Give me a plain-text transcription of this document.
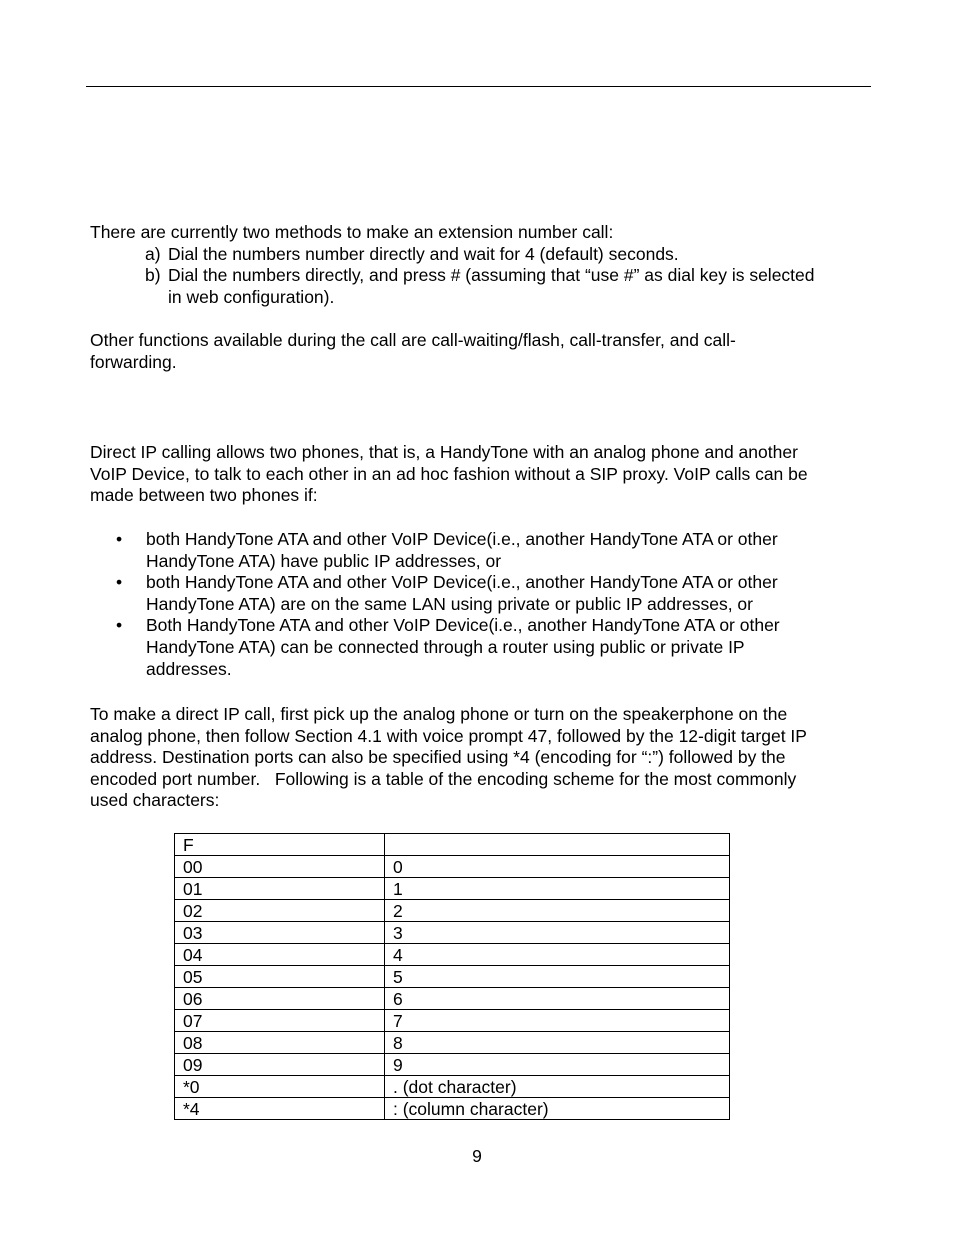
There are currently two methods to make an extension number call:

a) Dial the numbers number directly and wait for 4 (default) seconds.
b) Dial the numbers directly, and press # (assuming that “use #” as dial key is selected
in web configuration).
Other functions available during the call are call-waiting/flash, call-transfer, and call-
forwarding.
Direct IP calling allows two phones, that is, a HandyTone with an analog phone and another
VoIP Device, to talk to each other in an ad hoc fashion without a SIP proxy. VoIP calls can be
made between two phones if:
• both HandyTone ATA and other VoIP Device(i.e., another HandyTone ATA or other
HandyTone ATA) have public IP addresses, or
• both HandyTone ATA and other VoIP Device(i.e., another HandyTone ATA or other
HandyTone ATA) are on the same LAN using private or public IP addresses, or
• Both HandyTone ATA and other VoIP Device(i.e., another HandyTone ATA or other
HandyTone ATA) can be connected through a router using public or private IP
addresses.
To make a direct IP call, first pick up the analog phone or turn on the speakerphone on the
analog phone, then follow Section 4.1 with voice prompt 47, followed by the 12-digit target IP
address. Destination ports can also be specified using *4 (encoding for “:”) followed by the
encoded port number.   Following is a table of the encoding scheme for the most commonly
used characters:
F	
00	0
01	1
02	2
03	3
04	4
05	5
06	6
07	7
08	8
09	9
*0	. (dot character)
*4	: (column character)
9
